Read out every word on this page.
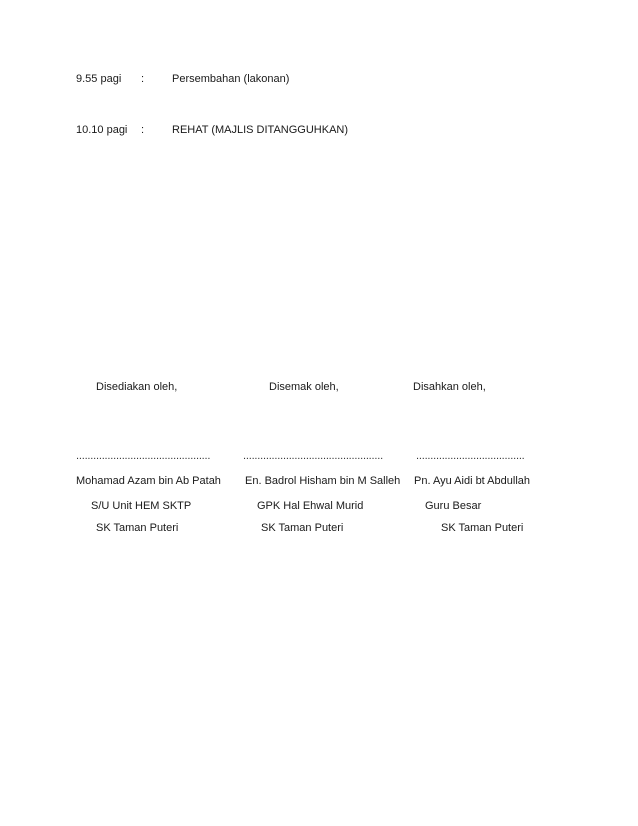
9.55 pagi :	Persembahan (lakonan)
10.10 pagi :	REHAT (MAJLIS DITANGGUHKAN)
Disediakan oleh,
...............................................
Mohamad Azam bin Ab Patah
S/U Unit HEM SKTP
SK Taman Puteri
Disemak oleh,
.................................................
En. Badrol Hisham bin M Salleh
GPK Hal Ehwal Murid
SK Taman Puteri
Disahkan oleh,
......................................
Pn. Ayu Aidi bt Abdullah
Guru Besar
SK Taman Puteri
